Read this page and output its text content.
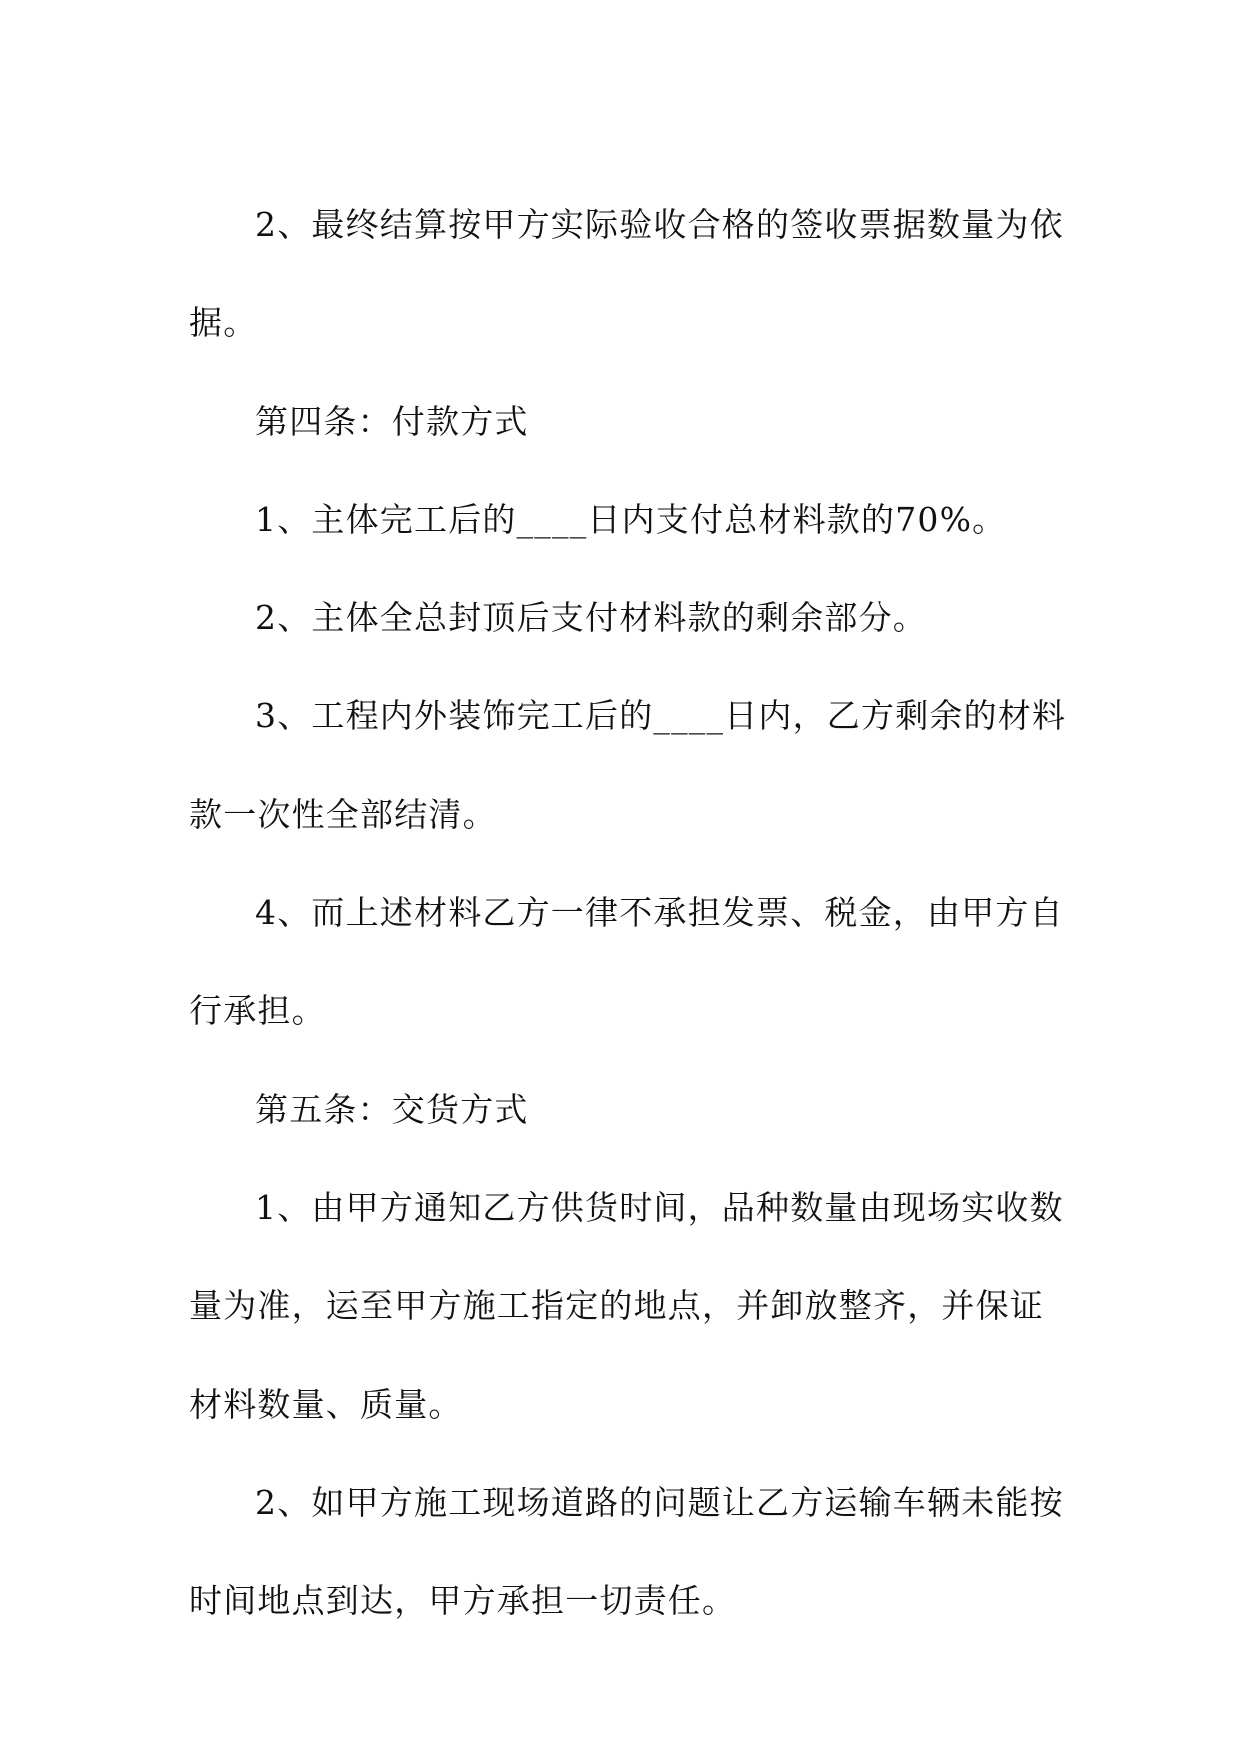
2、最终结算按甲方实际验收合格的签收票据数量为依
据。
第四条：付款方式
1、主体完工后的____日内支付总材料款的70%。
2、主体全总封顶后支付材料款的剩余部分。
3、工程内外装饰完工后的____日内，乙方剩余的材料
款一次性全部结清。
4、而上述材料乙方一律不承担发票、税金，由甲方自
行承担。
第五条：交货方式
1、由甲方通知乙方供货时间，品种数量由现场实收数
量为准，运至甲方施工指定的地点，并卸放整齐，并保证
材料数量、质量。
2、如甲方施工现场道路的问题让乙方运输车辆未能按
时间地点到达，甲方承担一切责任。
